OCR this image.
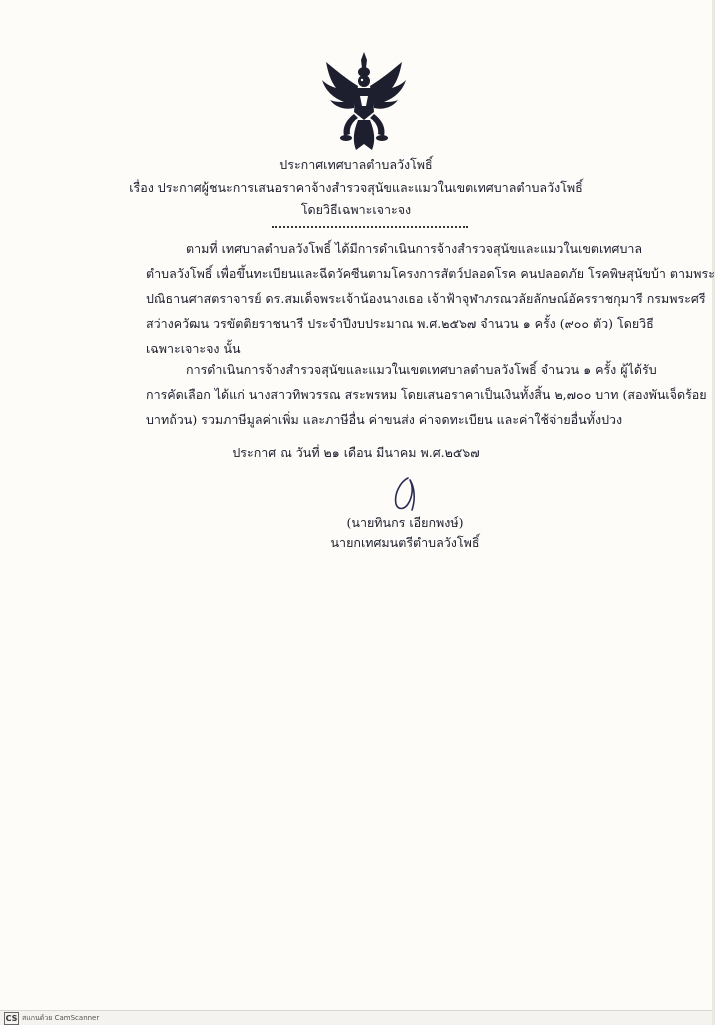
ประกาศเทศบาลตำบลวังโพธิ์
เรื่อง ประกาศผู้ชนะการเสนอราคาจ้างสำรวจสุนัขและแมวในเขตเทศบาลตำบลวังโพธิ์
โดยวิธีเฉพาะเจาะจง
ตามที่ เทศบาลตำบลวังโพธิ์ ได้มีการดำเนินการจ้างสำรวจสุนัขและแมวในเขตเทศบาล
ตำบลวังโพธิ์ เพื่อขึ้นทะเบียนและฉีดวัคซีนตามโครงการสัตว์ปลอดโรค คนปลอดภัย โรคพิษสุนัขบ้า ตามพระ
ปณิธานศาสตราจารย์ ดร.สมเด็จพระเจ้าน้องนางเธอ เจ้าฟ้าจุฬาภรณวลัยลักษณ์อัครราชกุมารี กรมพระศรี
สว่างควัฒน วรขัตติยราชนารี ประจำปีงบประมาณ พ.ศ.๒๕๖๗ จำนวน ๑ ครั้ง (๙๐๐ ตัว) โดยวิธี
เฉพาะเจาะจง นั้น
การดำเนินการจ้างสำรวจสุนัขและแมวในเขตเทศบาลตำบลวังโพธิ์ จำนวน ๑ ครั้ง ผู้ได้รับ
การคัดเลือก ได้แก่ นางสาวทิพวรรณ สระพรหม โดยเสนอราคาเป็นเงินทั้งสิ้น ๒,๗๐๐ บาท (สองพันเจ็ดร้อย
บาทถ้วน) รวมภาษีมูลค่าเพิ่ม และภาษีอื่น ค่าขนส่ง ค่าจดทะเบียน และค่าใช้จ่ายอื่นทั้งปวง
ประกาศ ณ วันที่ ๒๑ เดือน มีนาคม พ.ศ.๒๕๖๗
(นายทินกร เอียกพงษ์)
นายกเทศมนตรีตำบลวังโพธิ์
CS สแกนด้วย CamScanner
